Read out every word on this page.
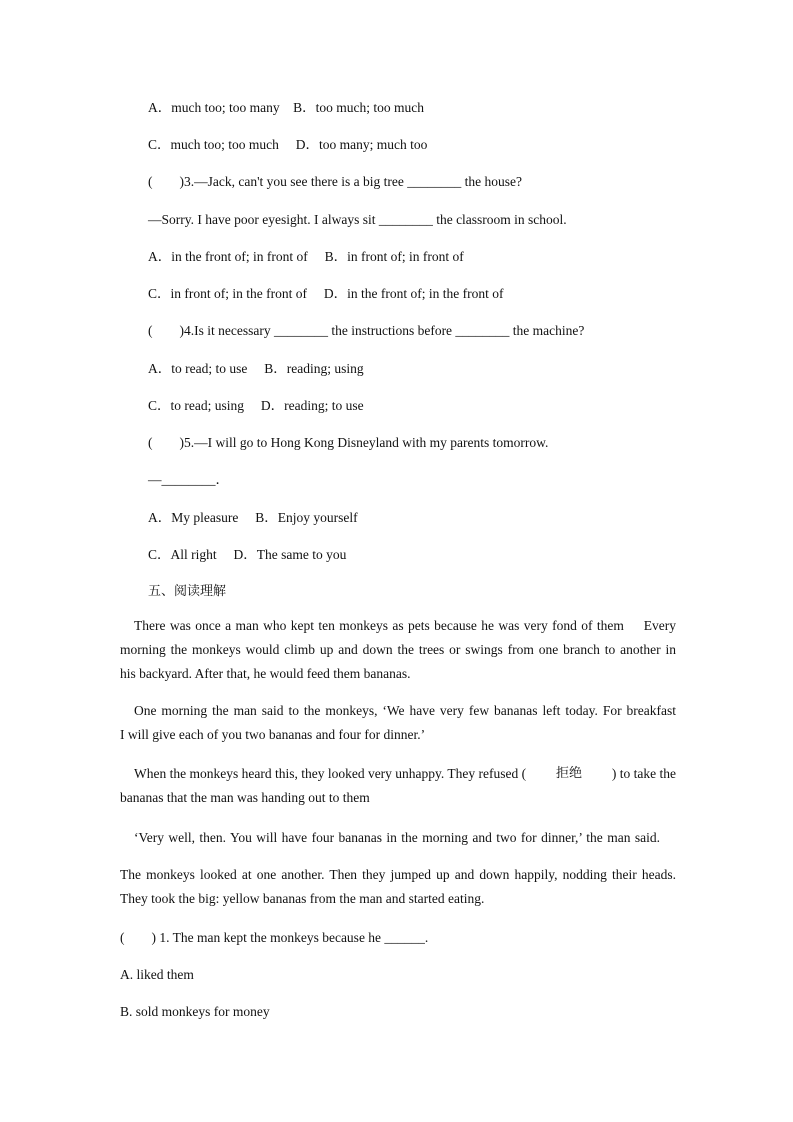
A．much too; too many　B．too much; too much
C．much too; too much　 D．too many; much too
(　　)3.—Jack, can't you see there is a big tree ________ the house?
—Sorry. I have poor eyesight. I always sit ________ the classroom in school.
A．in the front of; in front of　 B．in front of; in front of
C．in front of; in the front of　 D．in the front of; in the front of
(　　)4.Is it necessary ________ the instructions before ________ the machine?
A．to read; to use　 B．reading; using
C．to read; using　 D．reading; to use
(　　)5.—I will go to Hong Kong Disneyland with my parents tomorrow.
—________．
A．My pleasure　 B．Enjoy yourself
C．All right　 D．The same to you
五、阅读理解
There was once a man who kept ten monkeys as pets because he was very fond of them　 Every
morning the monkeys would climb up and down the trees or swings from one branch to another in
his backyard. After that, he would feed them bananas.
One morning the man said to the monkeys, ‘We have very few bananas left today. For breakfast
I will give each of you two bananas and four for dinner.’
When the monkeys heard this, they looked very unhappy. They refused ( 拒绝 ) to take the
bananas that the man was handing out to them
‘Very well, then. You will have four bananas in the morning and two for dinner,’ the man said.
The monkeys looked at one another. Then they jumped up and down happily, nodding their heads.
They took the big: yellow bananas from the man and started eating.
(　　) 1. The man kept the monkeys because he ______.
A. liked them
B. sold monkeys for money
